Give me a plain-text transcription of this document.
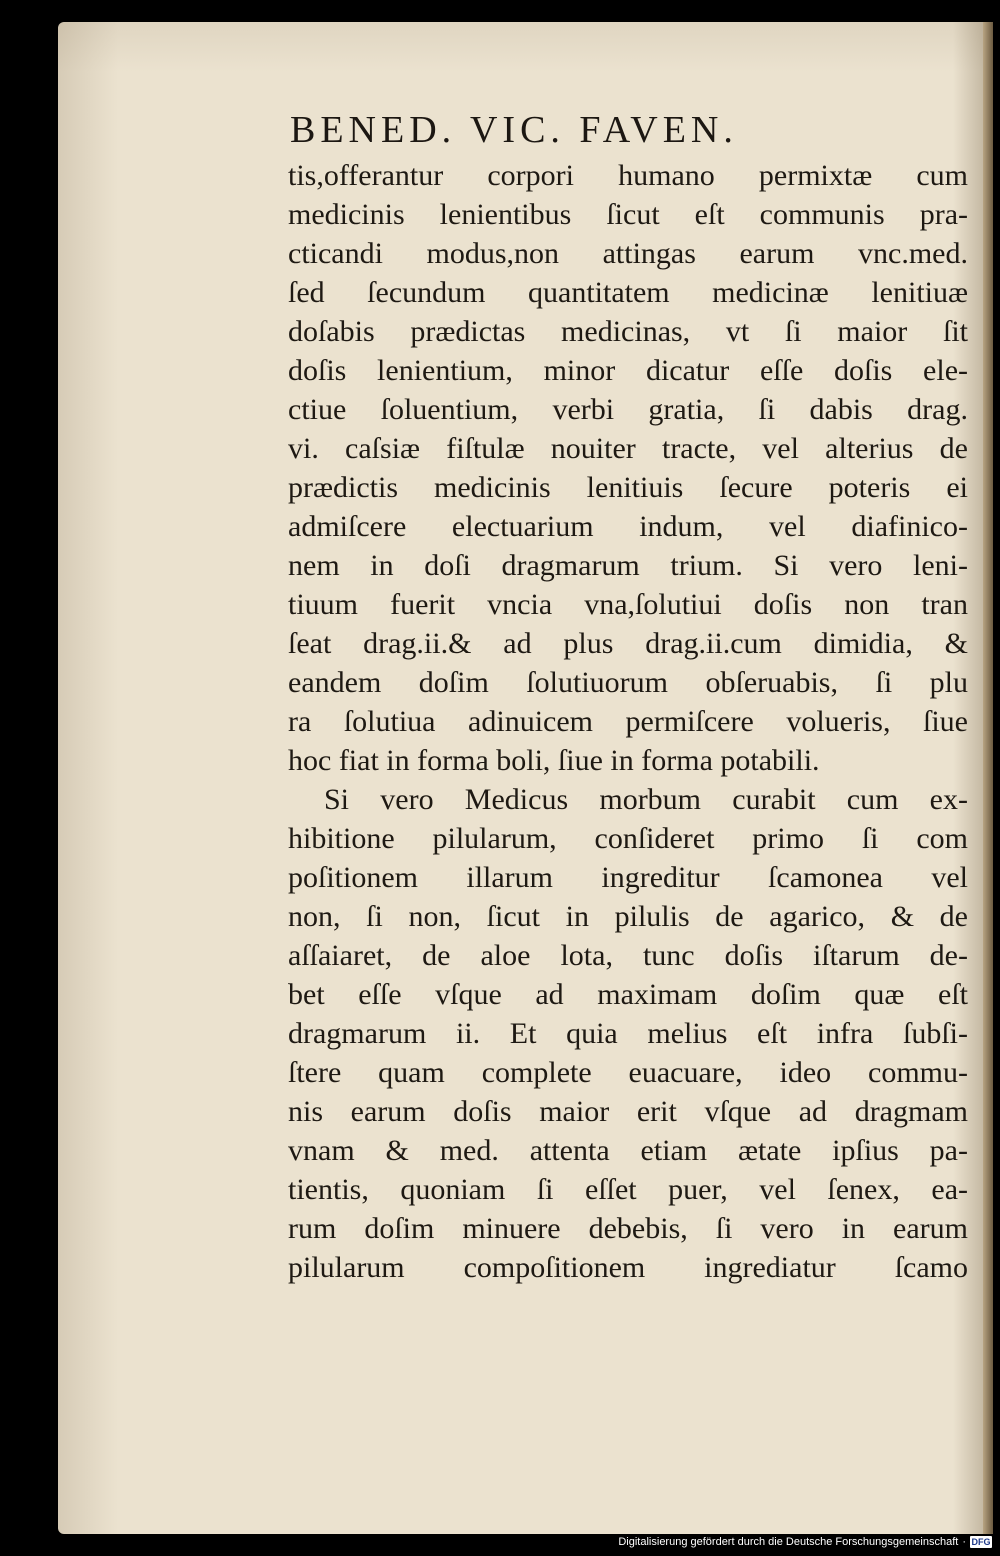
BENED. VIC. FAVEN.
tis,offerantur corpori humano permixtæ cum
medicinis lenientibus ſicut eſt communis pra-
cticandi modus,non attingas earum vnc.med.
ſed ſecundum quantitatem medicinæ lenitiuæ
doſabis prædictas medicinas, vt ſi maior ſit
doſis lenientium, minor dicatur eſſe doſis ele-
ctiue ſoluentium, verbi gratia, ſi dabis drag.
vi. caſsiæ fiſtulæ nouiter tracte, vel alterius de
prædictis medicinis lenitiuis ſecure poteris ei
admiſcere electuarium indum, vel diafinico-
nem in doſi dragmarum trium. Si vero leni-
tiuum fuerit vncia vna,ſolutiui doſis non tran
ſeat drag.ii.& ad plus drag.ii.cum dimidia, &
eandem doſim ſolutiuorum obſeruabis, ſi plu
ra ſolutiua adinuicem permiſcere volueris, ſiue
hoc fiat in forma boli, ſiue in forma potabili.
Si vero Medicus morbum curabit cum ex-
hibitione pilularum, conſideret primo ſi com
poſitionem illarum ingreditur ſcamonea vel
non, ſi non, ſicut in pilulis de agarico, & de
aſſaiaret, de aloe lota, tunc doſis iſtarum de-
bet eſſe vſque ad maximam doſim quæ eſt
dragmarum ii. Et quia melius eſt infra ſubſi-
ſtere quam complete euacuare, ideo commu-
nis earum doſis maior erit vſque ad dragmam
vnam & med. attenta etiam ætate ipſius pa-
tientis, quoniam ſi eſſet puer, vel ſenex, ea-
rum doſim minuere debebis, ſi vero in earum
pilularum compoſitionem ingrediatur ſcamo
Digitalisierung gefördert durch die Deutsche Forschungsgemeinschaft · DFG
